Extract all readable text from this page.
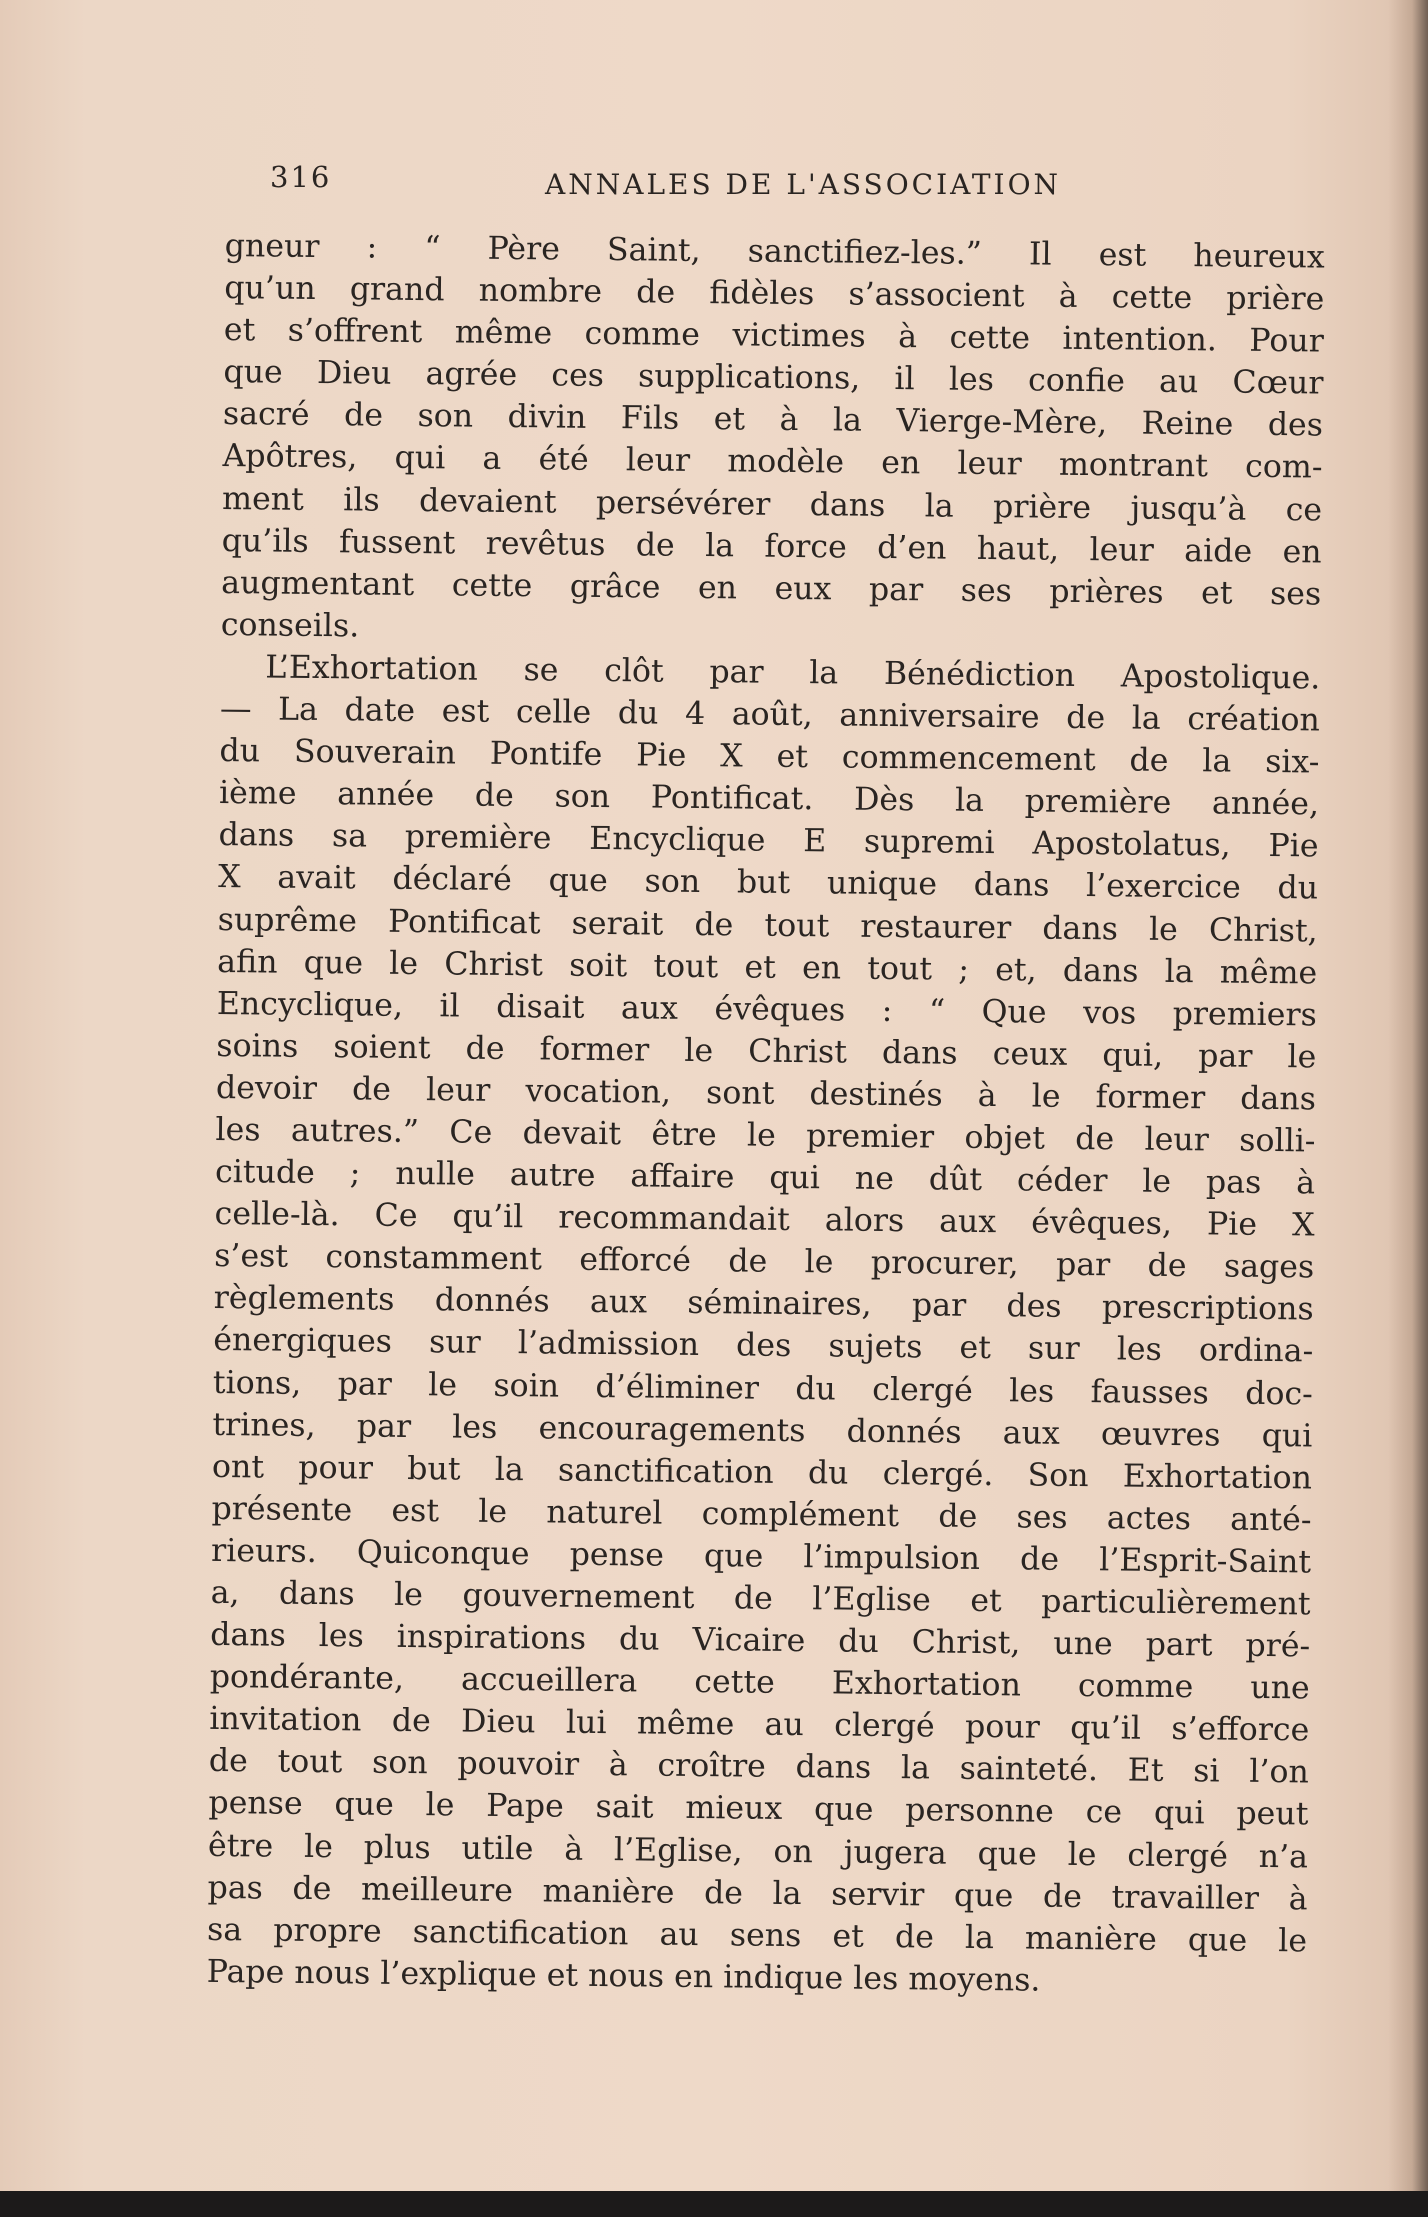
316	ANNALES DE L'ASSOCIATION
gneur : “ Père Saint, sanctifiez-les.” Il est heureux
qu’un grand nombre de fidèles s’associent à cette prière
et s’offrent même comme victimes à cette intention. Pour
que Dieu agrée ces supplications, il les confie au Cœur
sacré de son divin Fils et à la Vierge-Mère, Reine des
Apôtres, qui a été leur modèle en leur montrant com-
ment ils devaient persévérer dans la prière jusqu’à ce
qu’ils fussent revêtus de la force d’en haut, leur aide en
augmentant cette grâce en eux par ses prières et ses
conseils.
L’Exhortation se clôt par la Bénédiction Apostolique.
— La date est celle du 4 août, anniversaire de la création
du Souverain Pontife Pie X et commencement de la six-
ième année de son Pontificat. Dès la première année,
dans sa première Encyclique E supremi Apostolatus, Pie
X avait déclaré que son but unique dans l’exercice du
suprême Pontificat serait de tout restaurer dans le Christ,
afin que le Christ soit tout et en tout ; et, dans la même
Encyclique, il disait aux évêques : “ Que vos premiers
soins soient de former le Christ dans ceux qui, par le
devoir de leur vocation, sont destinés à le former dans
les autres.” Ce devait être le premier objet de leur solli-
citude ; nulle autre affaire qui ne dût céder le pas à
celle-là. Ce qu’il recommandait alors aux évêques, Pie X
s’est constamment efforcé de le procurer, par de sages
règlements donnés aux séminaires, par des prescriptions
énergiques sur l’admission des sujets et sur les ordina-
tions, par le soin d’éliminer du clergé les fausses doc-
trines, par les encouragements donnés aux œuvres qui
ont pour but la sanctification du clergé. Son Exhortation
présente est le naturel complément de ses actes anté-
rieurs. Quiconque pense que l’impulsion de l’Esprit-Saint
a, dans le gouvernement de l’Eglise et particulièrement
dans les inspirations du Vicaire du Christ, une part pré-
pondérante, accueillera cette Exhortation comme une
invitation de Dieu lui même au clergé pour qu’il s’efforce
de tout son pouvoir à croître dans la sainteté. Et si l’on
pense que le Pape sait mieux que personne ce qui peut
être le plus utile à l’Eglise, on jugera que le clergé n’a
pas de meilleure manière de la servir que de travailler à
sa propre sanctification au sens et de la manière que le
Pape nous l’explique et nous en indique les moyens.
